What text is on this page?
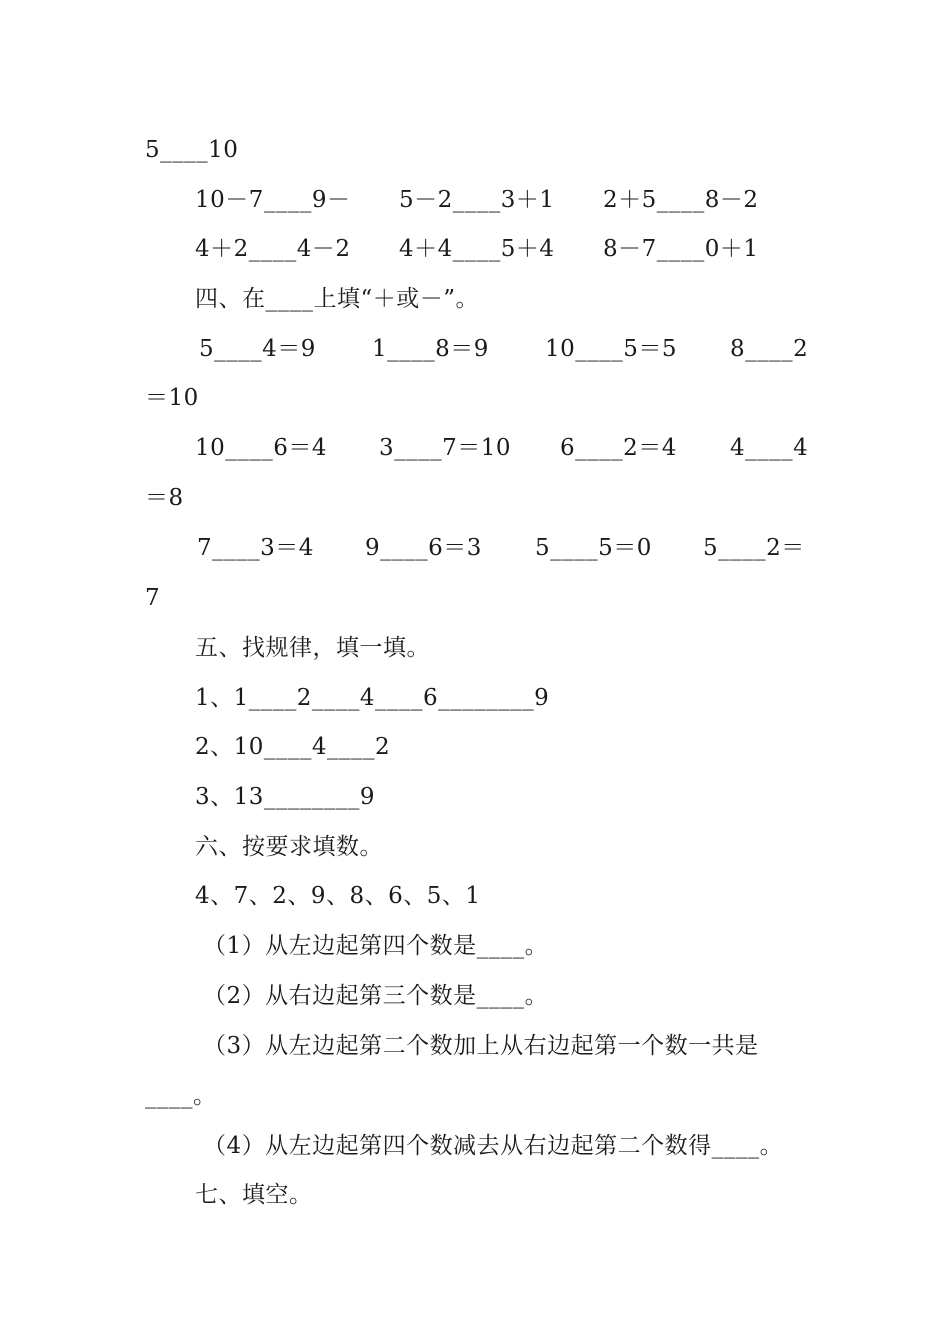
5____10
10－7____9－ 5－2____3＋1 2＋5____8－2
4＋2____4－2 4＋4____5＋4 8－7____0＋1
四、在____上填“＋或－”。
5____4＝9 1____8＝9 10____5＝5 8____2
＝10
10____6＝4 3____7＝10 6____2＝4 4____4
＝8
7____3＝4 9____6＝3 5____5＝0 5____2＝
7
五、找规律，填一填。
1、1____2____4____6________9
2、10____4____2
3、13________9
六、按要求填数。
4、7、2、9、8、6、5、1
（1）从左边起第四个数是____。
（2）从右边起第三个数是____。
（3）从左边起第二个数加上从右边起第一个数一共是
____。
（4）从左边起第四个数减去从右边起第二个数得____。
七、填空。
